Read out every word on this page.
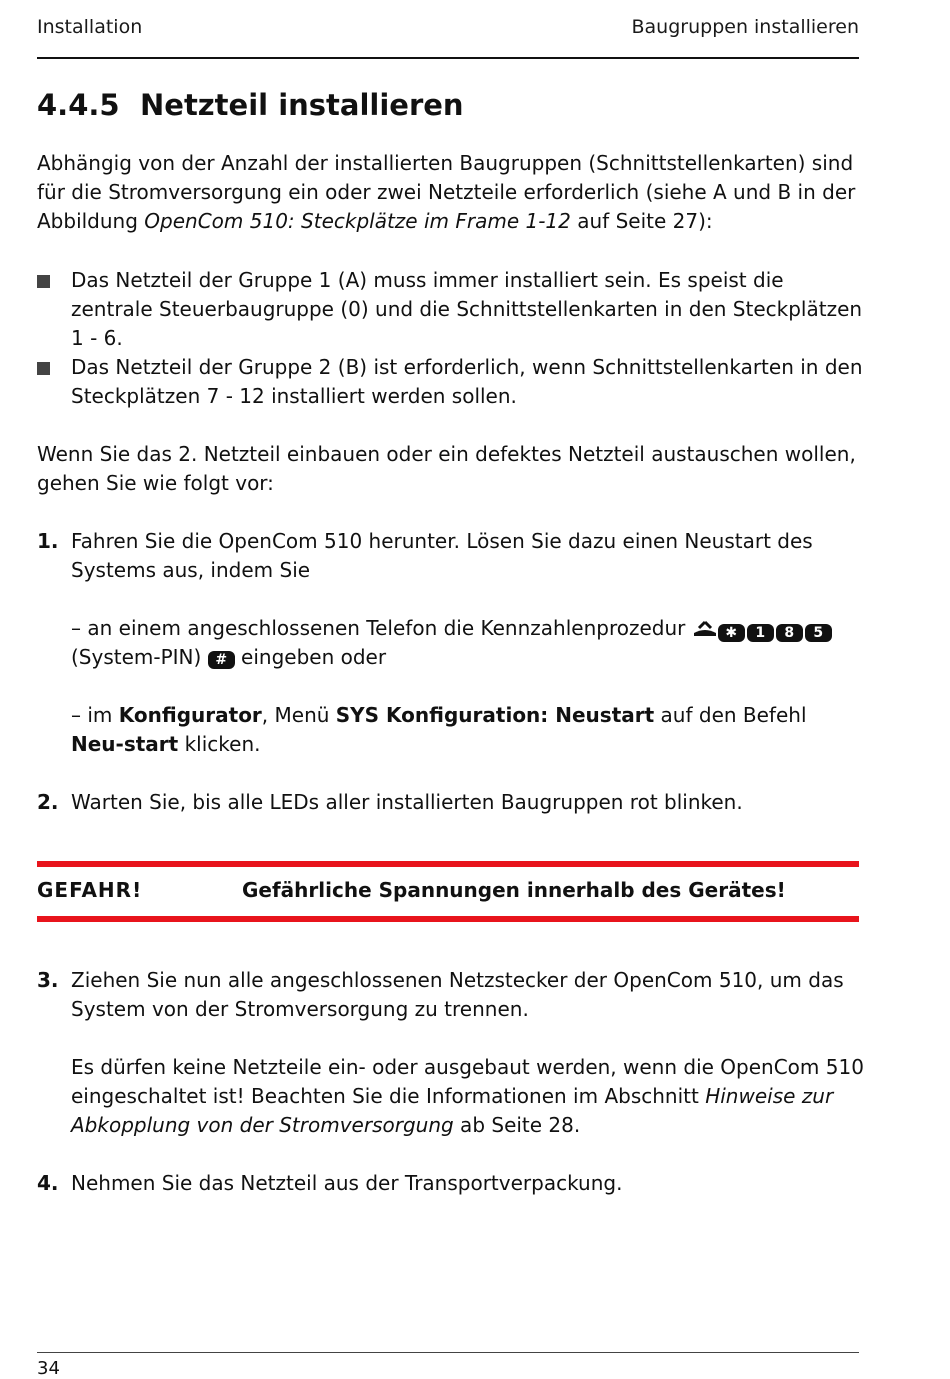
Installation	Baugruppen installieren
4.4.5 Netzteil installieren
Abhängig von der Anzahl der installierten Baugruppen (Schnittstellenkarten) sind für die Stromversorgung ein oder zwei Netzteile erforderlich (siehe A und B in der Abbildung OpenCom 510: Steckplätze im Frame 1-12 auf Seite 27):
Das Netzteil der Gruppe 1 (A) muss immer installiert sein. Es speist die zentrale Steuerbaugruppe (0) und die Schnittstellenkarten in den Steckplätzen 1 - 6.
Das Netzteil der Gruppe 2 (B) ist erforderlich, wenn Schnittstellenkarten in den Steckplätzen 7 - 12 installiert werden sollen.
Wenn Sie das 2. Netzteil einbauen oder ein defektes Netzteil austauschen wollen, gehen Sie wie folgt vor:
1. Fahren Sie die OpenCom 510 herunter. Lösen Sie dazu einen Neustart des Systems aus, indem Sie
– an einem angeschlossenen Telefon die Kennzahlenprozedur	✱	1	8	5

(System-PIN) # eingeben oder
– im Konfigurator, Menü SYS Konfiguration: Neustart auf den Befehl Neu-start klicken.
2. Warten Sie, bis alle LEDs aller installierten Baugruppen rot blinken.
GEFAHR!	Gefährliche Spannungen innerhalb des Gerätes!
3. Ziehen Sie nun alle angeschlossenen Netzstecker der OpenCom 510, um das System von der Stromversorgung zu trennen.
Es dürfen keine Netzteile ein- oder ausgebaut werden, wenn die OpenCom 510 eingeschaltet ist! Beachten Sie die Informationen im Abschnitt Hinweise zur Abkopplung von der Stromversorgung ab Seite 28.
4. Nehmen Sie das Netzteil aus der Transportverpackung.
34
